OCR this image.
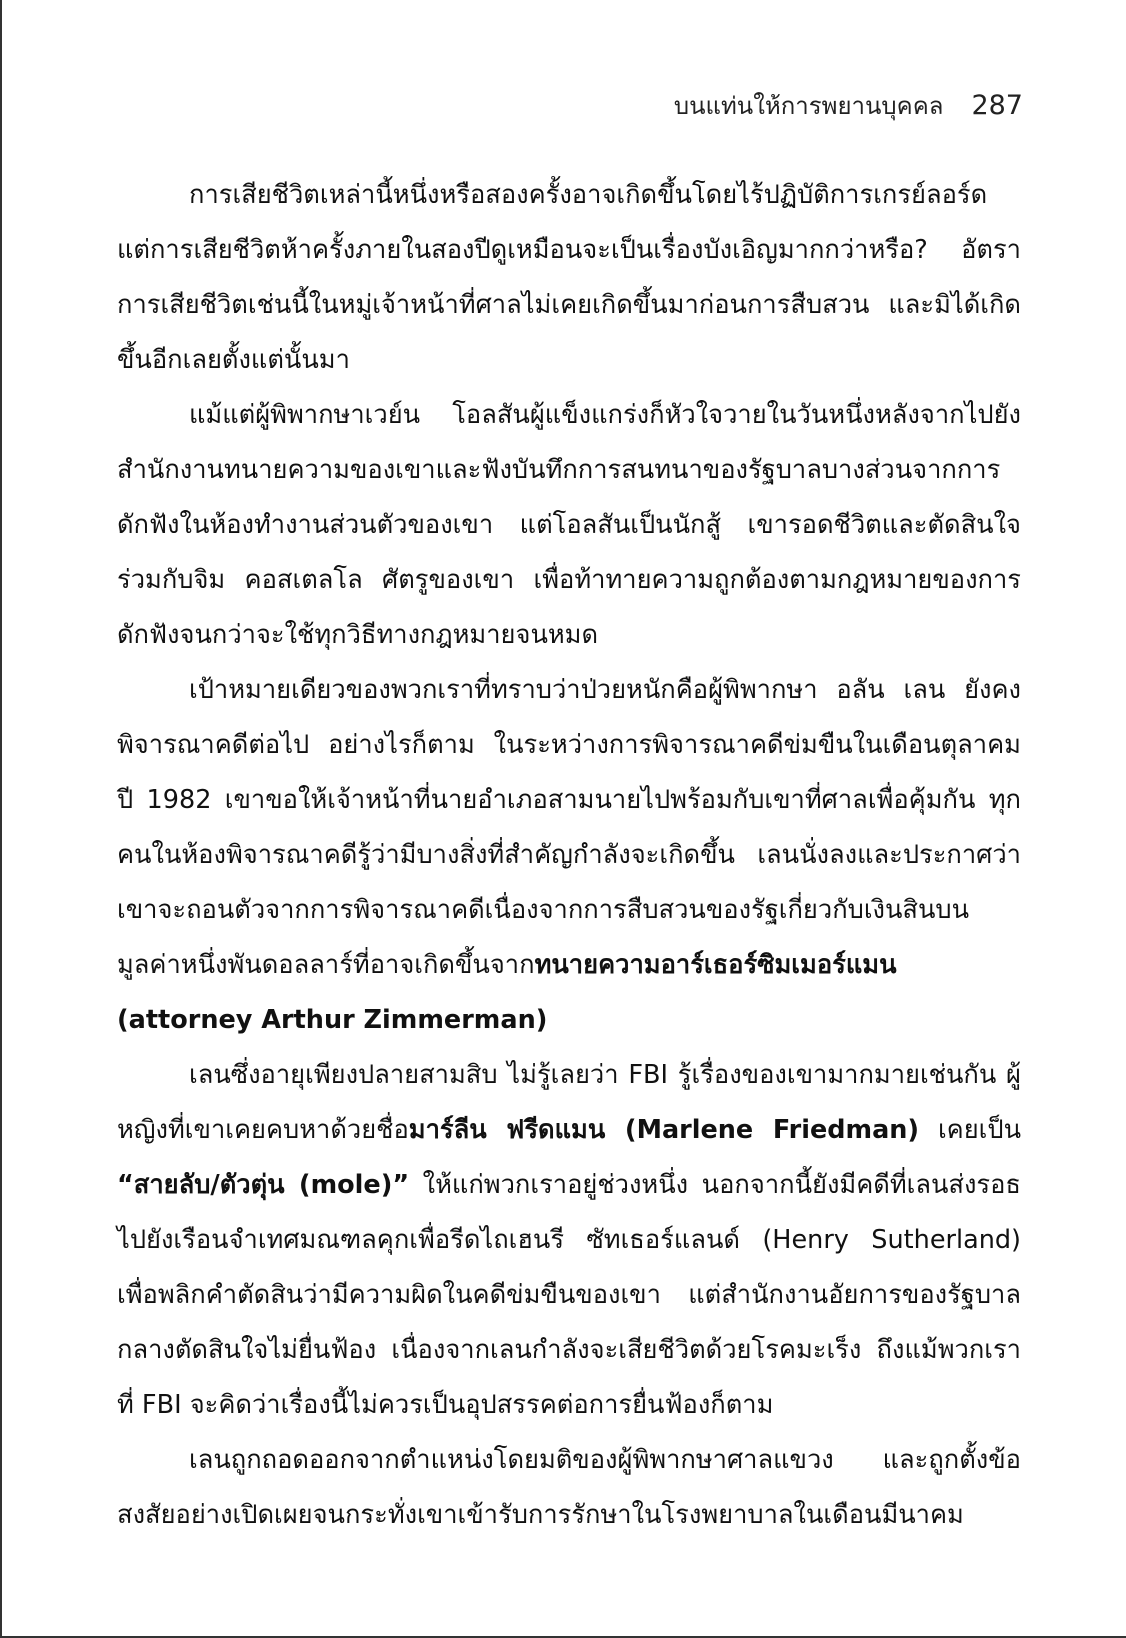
บนแท่นให้การพยานบุคคล 287

การเสียชีวิตเหล่านี้หนึ่งหรือสองครั้งอาจเกิดขึ้นโดยไร้ปฏิบัติการเกรย์ลอร์ด แต่การเสียชีวิตห้าครั้งภายในสองปีดูเหมือนจะเป็นเรื่องบังเอิญมากกว่าหรือ? อัตราการเสียชีวิตเช่นนี้ในหมู่เจ้าหน้าที่ศาลไม่เคยเกิดขึ้นมาก่อนการสืบสวน และมิได้เกิดขึ้นอีกเลยตั้งแต่นั้นมา

แม้แต่ผู้พิพากษาเวย์น โอลสันผู้แข็งแกร่งก็หัวใจวายในวันหนึ่งหลังจากไปยังสำนักงานทนายความของเขาและฟังบันทึกการสนทนาของรัฐบาลบางส่วนจากการดักฟังในห้องทำงานส่วนตัวของเขา แต่โอลสันเป็นนักสู้ เขารอดชีวิตและตัดสินใจร่วมกับจิม คอสเตลโล ศัตรูของเขา เพื่อท้าทายความถูกต้องตามกฎหมายของการดักฟังจนกว่าจะใช้ทุกวิธีทางกฎหมายจนหมด

เป้าหมายเดียวของพวกเราที่ทราบว่าป่วยหนักคือผู้พิพากษา อลัน เลน ยังคงพิจารณาคดีต่อไป อย่างไรก็ตาม ในระหว่างการพิจารณาคดีข่มขืนในเดือนตุลาคม ปี 1982 เขาขอให้เจ้าหน้าที่นายอำเภอสามนายไปพร้อมกับเขาที่ศาลเพื่อคุ้มกัน ทุกคนในห้องพิจารณาคดีรู้ว่ามีบางสิ่งที่สำคัญกำลังจะเกิดขึ้น เลนนั่งลงและประกาศว่าเขาจะถอนตัวจากการพิจารณาคดีเนื่องจากการสืบสวนของรัฐเกี่ยวกับเงินสินบนมูลค่าหนึ่งพันดอลลาร์ที่อาจเกิดขึ้นจากทนายความอาร์เธอร์ซิมเมอร์แมน (attorney Arthur Zimmerman)

เลนซึ่งอายุเพียงปลายสามสิบ ไม่รู้เลยว่า FBI รู้เรื่องของเขามากมายเช่นกัน ผู้หญิงที่เขาเคยคบหาด้วยชื่อมาร์ลีน ฟรีดแมน (Marlene Friedman) เคยเป็น “สายลับ/ตัวตุ่น (mole)” ให้แก่พวกเราอยู่ช่วงหนึ่ง นอกจากนี้ยังมีคดีที่เลนส่งรอธไปยังเรือนจำเทศมณฑลคุกเพื่อรีดไถเฮนรี ซัทเธอร์แลนด์ (Henry Sutherland) เพื่อพลิกคำตัดสินว่ามีความผิดในคดีข่มขืนของเขา แต่สำนักงานอัยการของรัฐบาลกลางตัดสินใจไม่ยื่นฟ้อง เนื่องจากเลนกำลังจะเสียชีวิตด้วยโรคมะเร็ง ถึงแม้พวกเราที่ FBI จะคิดว่าเรื่องนี้ไม่ควรเป็นอุปสรรคต่อการยื่นฟ้องก็ตาม

เลนถูกถอดออกจากตำแหน่งโดยมติของผู้พิพากษาศาลแขวง และถูกตั้งข้อสงสัยอย่างเปิดเผยจนกระทั่งเขาเข้ารับการรักษาในโรงพยาบาลในเดือนมีนาคม
